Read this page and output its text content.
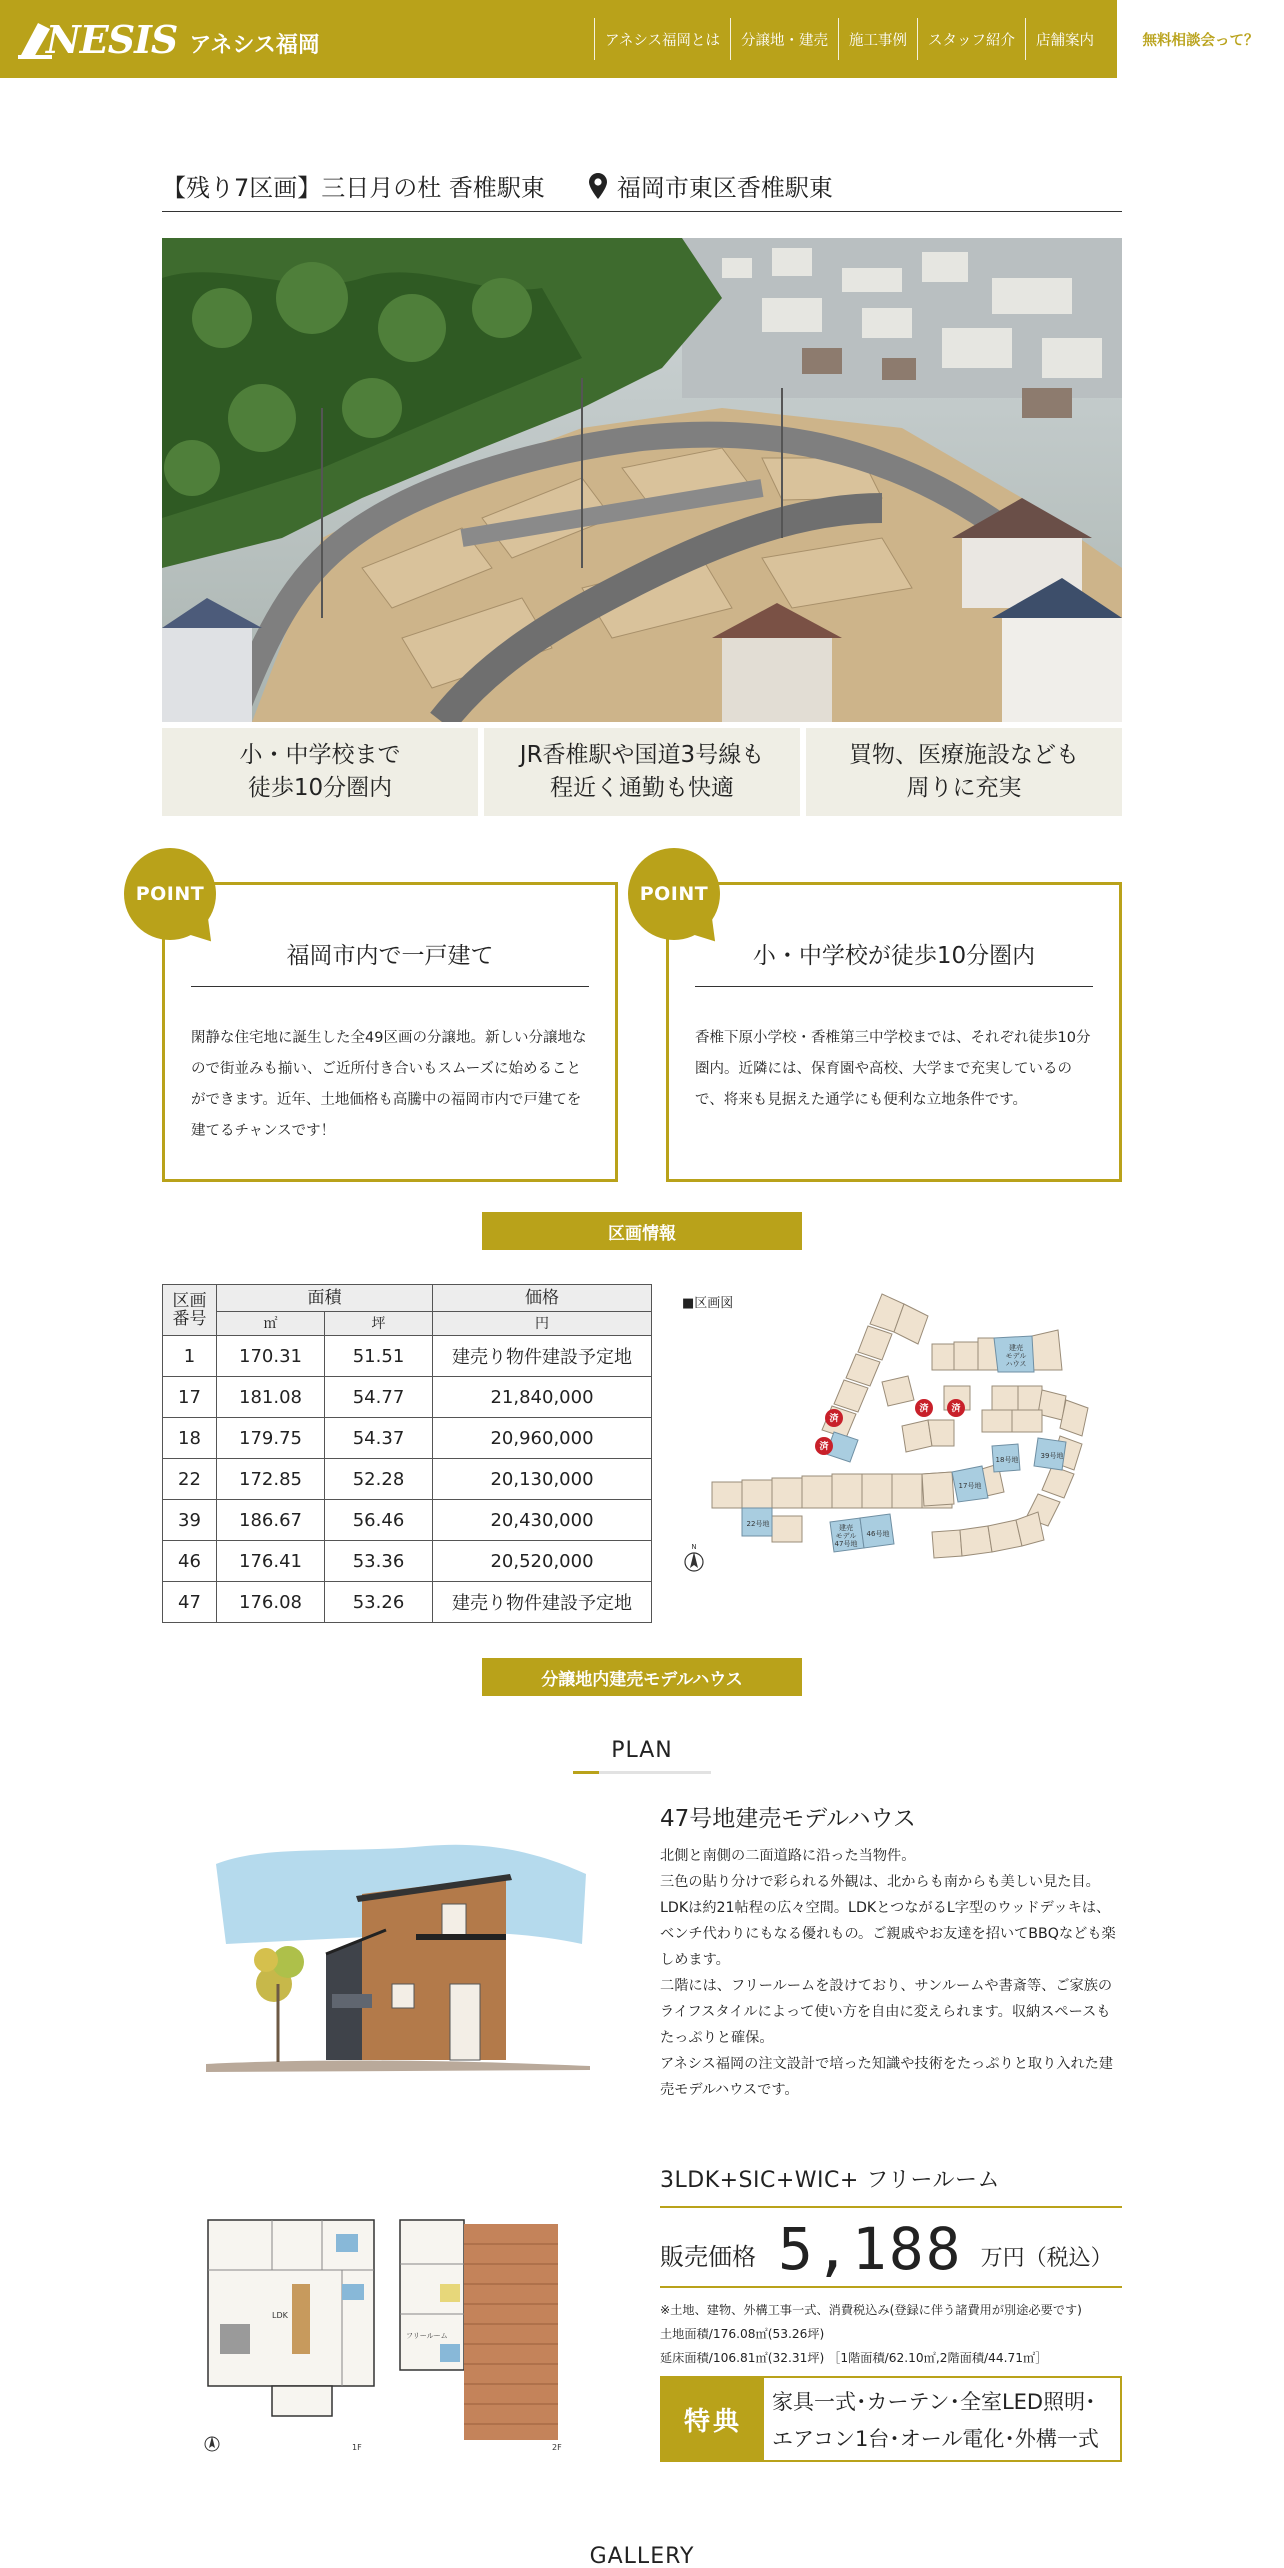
NESIS アネシス福岡	アネシス福岡とは	分譲地・建売	施工事例	スタッフ紹介	店舗案内	無料相談会って？
【残り7区画】三日月の杜 香椎駅東	福岡市東区香椎駅東
小・中学校まで
徒歩10分圏内
JR香椎駅や国道3号線も
程近く通勤も快適
買物、医療施設なども
周りに充実
福岡市内で一戸建て
閑静な住宅地に誕生した全49区画の分譲地。新しい分譲地なので街並みも揃い、ご近所付き合いもスムーズに始めることができます。近年、土地価格も高騰中の福岡市内で戸建てを建てるチャンスです！
POINT
小・中学校が徒歩10分圏内
香椎下原小学校・香椎第三中学校までは、それぞれ徒歩10分圏内。近隣には、保育園や高校、大学まで充実しているので、将来も見据えた通学にも便利な立地条件です。
POINT
区画情報
区画
番号	面積		価格
	㎡	坪	円
1	170.31	51.51	建売り物件建設予定地
17	181.08	54.77	21,840,000
18	179.75	54.37	20,960,000
22	172.85	52.28	20,130,000
39	186.67	56.46	20,430,000
46	176.41	53.36	20,520,000
47	176.08	53.26	建売り物件建設予定地
■区画図
建売
モデル
ハウス
39号地
18号地
17号地
22号地
46号地
建売
モデル
47号地
済
済
済	済
N
分譲地内建売モデルハウス
PLAN
47号地建売モデルハウス

北側と南側の二面道路に沿った当物件。

三色の貼り分けで彩られる外観は、北からも南からも美しい見た目。

LDKは約21帖程の広々空間。LDKとつながるL字型のウッドデッキは、ベンチ代わりにもなる優れもの。ご親戚やお友達を招いてBBQなども楽しめます。

二階には、フリールームを設けており、サンルームや書斎等、ご家族のライフスタイルによって使い方を自由に変えられます。収納スペースもたっぷりと確保。

アネシス福岡の注文設計で培った知識や技術をたっぷりと取り入れた建売モデルハウスです。

LDK
1F
フリールーム
2F
3LDK+SIC+WIC+ フリールーム
販売価格 5,188 万円（税込）
※土地、建物、外構工事一式、消費税込み(登録に伴う諸費用が別途必要です)
土地面積/176.08㎡(53.26坪)
延床面積/106.81㎡(32.31坪) ［1階面積/62.10㎡,2階面積/44.71㎡］
特典
家具一式･カーテン･全室LED照明･
エアコン1台･オール電化･外構一式
GALLERY
